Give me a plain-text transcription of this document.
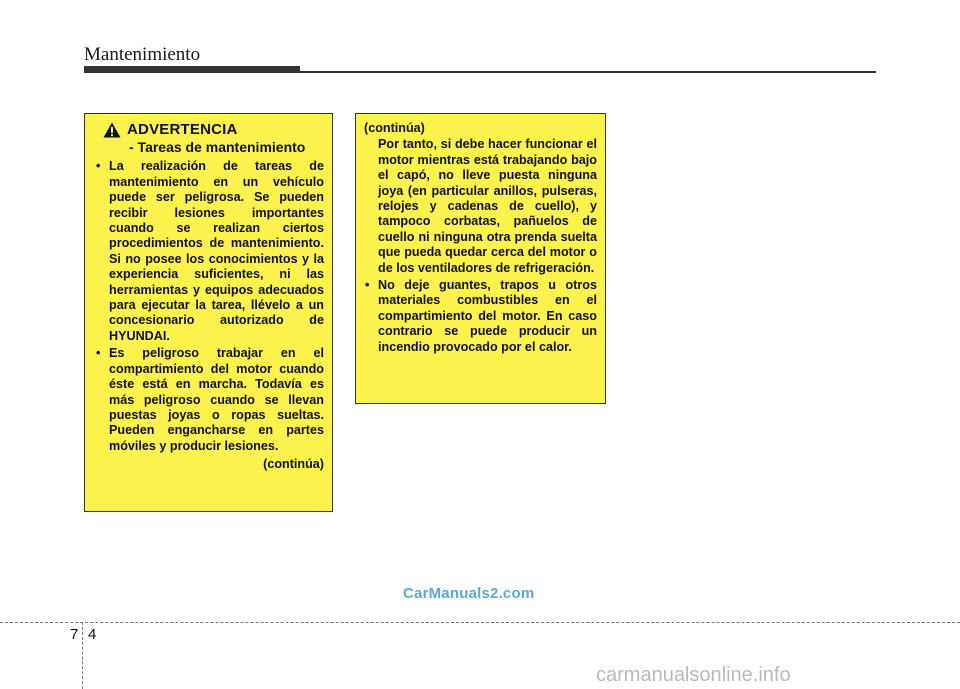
Mantenimiento
ADVERTENCIA
- Tareas de mantenimiento
• La realización de tareas de mantenimiento en un vehículo puede ser peligrosa. Se pueden recibir lesiones importantes cuando se realizan ciertos procedimientos de mantenimiento. Si no posee los conocimientos y la experiencia suficientes, ni las herramientas y equipos adecuados para ejecutar la tarea, llévelo a un concesionario autorizado de HYUNDAI.
• Es peligroso trabajar en el compartimiento del motor cuando éste está en marcha. Todavía es más peligroso cuando se llevan puestas joyas o ropas sueltas. Pueden engancharse en partes móviles y producir lesiones.
(continúa)
(continúa)
Por tanto, si debe hacer funcionar el motor mientras está trabajando bajo el capó, no lleve puesta ninguna joya (en particular anillos, pulseras, relojes y cadenas de cuello), y tampoco corbatas, pañuelos de cuello ni ninguna otra prenda suelta que pueda quedar cerca del motor o de los ventiladores de refrigeración.
• No deje guantes, trapos u otros materiales combustibles en el compartimiento del motor. En caso contrario se puede producir un incendio provocado por el calor.
CarManuals2.com
7 4
carmanualsonline.info
